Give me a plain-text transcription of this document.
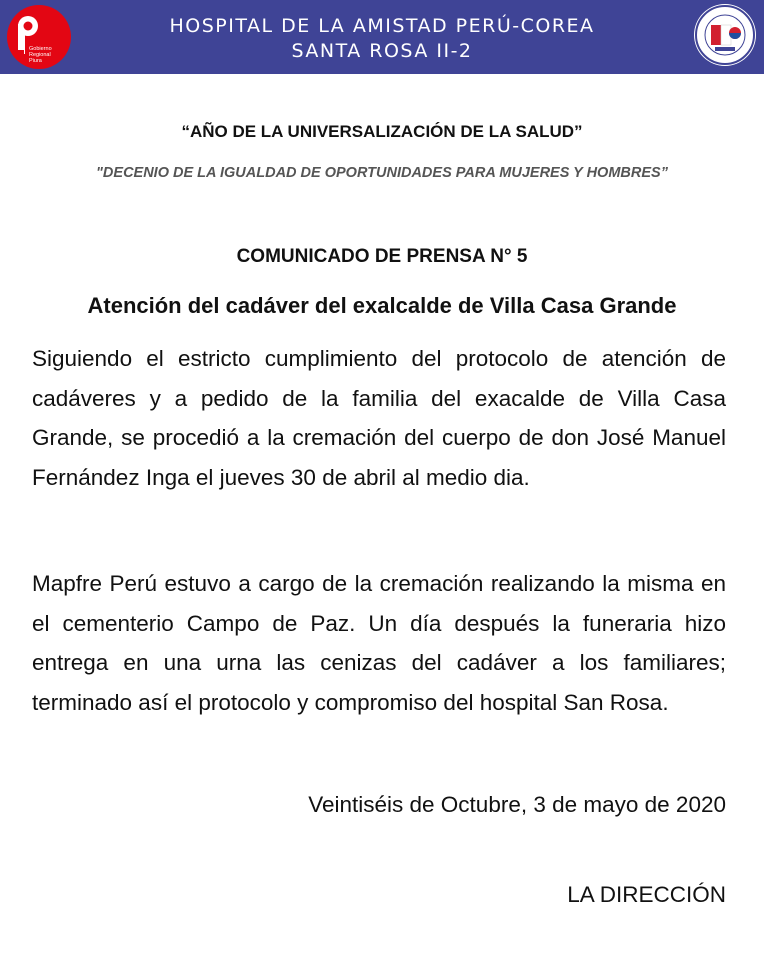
Gobierno
Regional
Piura
HOSPITAL DE LA AMISTAD PERÚ-COREA
SANTA ROSA II-2
“AÑO DE LA UNIVERSALIZACIÓN DE LA SALUD”
"DECENIO DE LA IGUALDAD DE OPORTUNIDADES PARA MUJERES Y HOMBRES”
COMUNICADO DE PRENSA N° 5
Atención del cadáver del exalcalde de Villa Casa Grande
Siguiendo el estricto cumplimiento del protocolo de atención de cadáveres y a pedido de la familia del exacalde de Villa Casa Grande, se procedió a la cremación del cuerpo de don José Manuel Fernández Inga el jueves 30 de abril al medio dia.
Mapfre Perú estuvo a cargo de la cremación realizando la misma en el cementerio Campo de Paz. Un día después la funeraria hizo entrega en una urna las cenizas del cadáver a los familiares; terminado así el protocolo y compromiso del hospital San Rosa.
Veintiséis de Octubre, 3 de mayo de 2020
LA DIRECCIÓN
